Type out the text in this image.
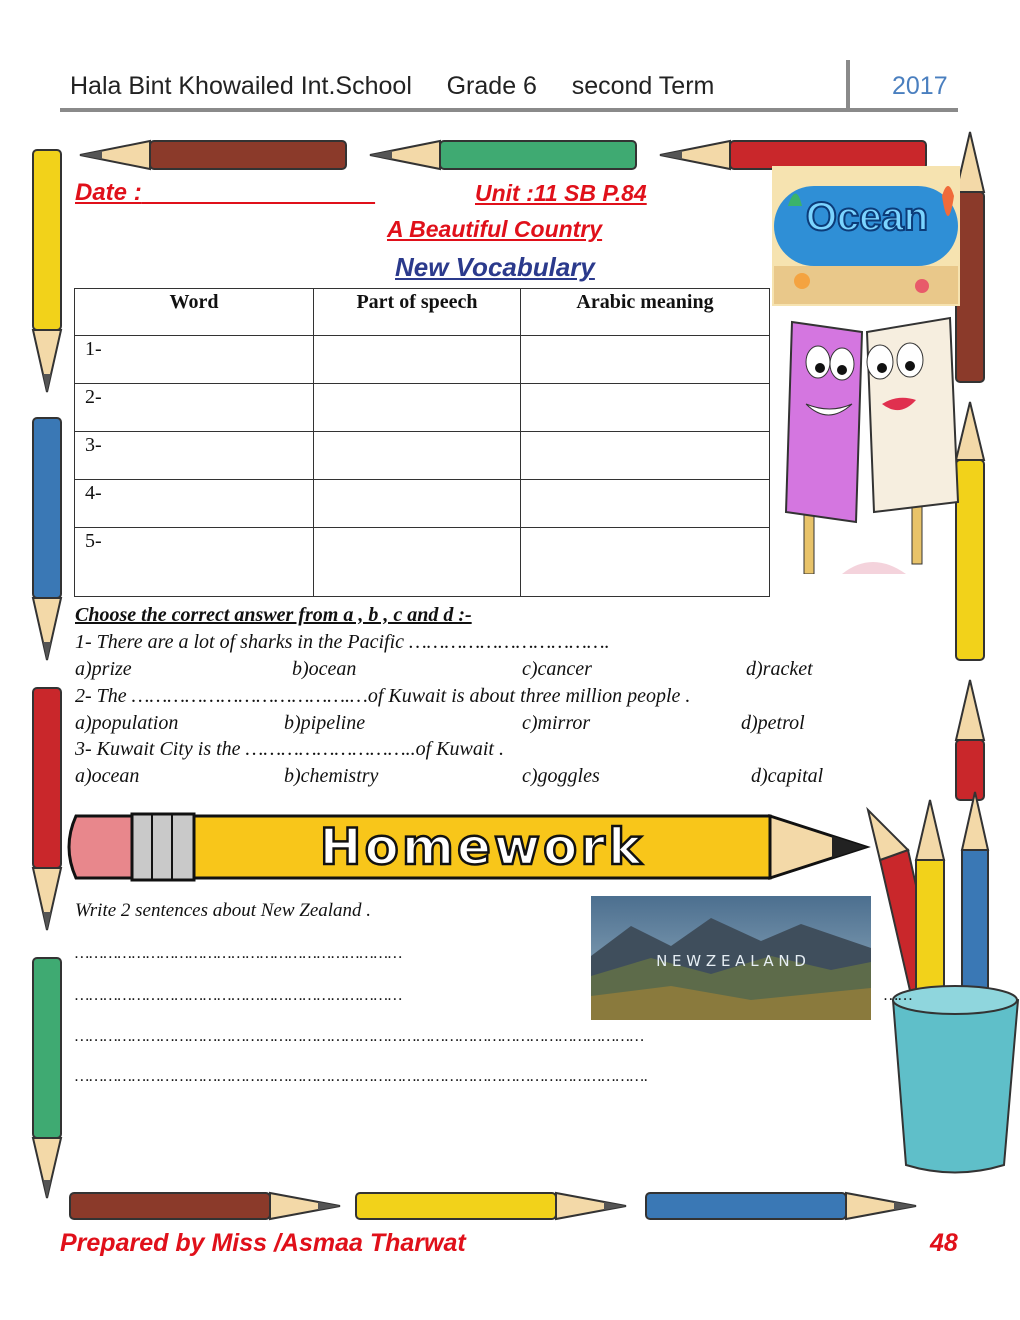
Hala Bint Khowailed Int.School Grade 6 second Term	2017
Ocean
Date :	Unit :11 SB P.84
A Beautiful Country
New Vocabulary
Word	Part of speech	Arabic meaning
1-		
2-		
3-		
4-		
5-		
Choose the correct answer from a , b , c and d :-
1- There are a lot of sharks in the Pacific …………………………….
a)prize	b)ocean	c)cancer	d)racket
2- The ……………………………….…of Kuwait is about three million people .
a)population	b)pipeline	c)mirror	d)petrol
3- Kuwait City is the ………………………..of Kuwait .
a)ocean	b)chemistry	c)goggles	d)capital
Homework
Write 2 sentences about New Zealand .
……………………………………………………………
……………………………………………………………	……
…………………………………………………………………………………………………………
………………………………………………………………………………………………………….
N E W Z E A L A N D
Prepared by Miss /Asmaa Tharwat	48
